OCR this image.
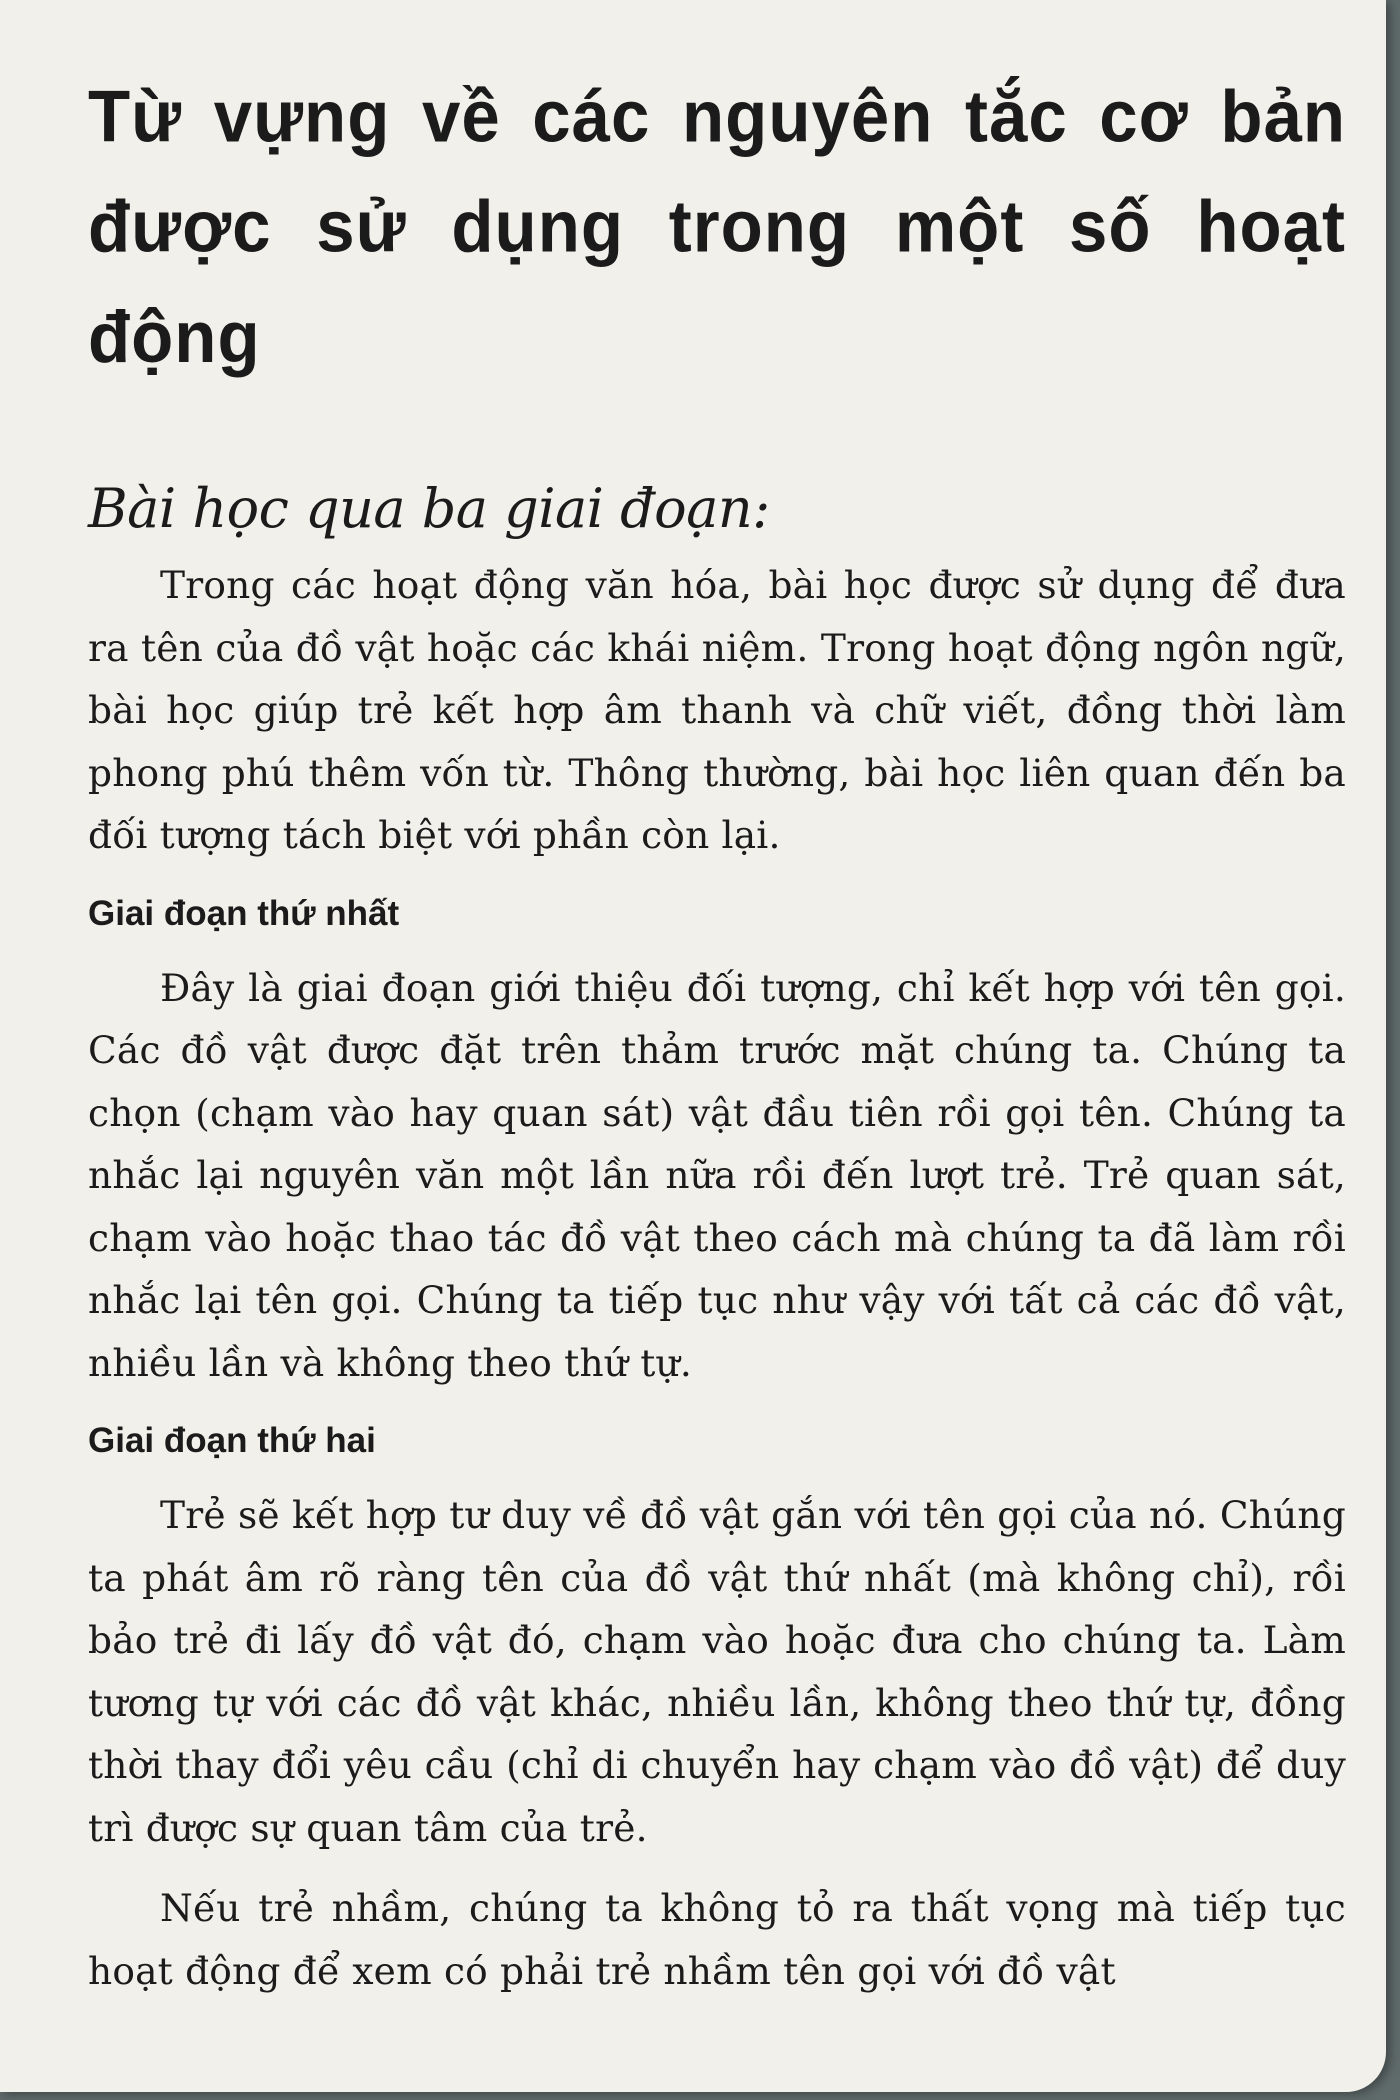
Từ vựng về các nguyên tắc cơ bản
được sử dụng trong một số hoạt động
Bài học qua ba giai đoạn:

Trong các hoạt động văn hóa, bài học được sử dụng để đưa ra tên của đồ vật hoặc các khái niệm. Trong hoạt động ngôn ngữ, bài học giúp trẻ kết hợp âm thanh và chữ viết, đồng thời làm phong phú thêm vốn từ. Thông thường, bài học liên quan đến ba đối tượng tách biệt với phần còn lại.

Giai đoạn thứ nhất

Đây là giai đoạn giới thiệu đối tượng, chỉ kết hợp với tên gọi. Các đồ vật được đặt trên thảm trước mặt chúng ta. Chúng ta chọn (chạm vào hay quan sát) vật đầu tiên rồi gọi tên. Chúng ta nhắc lại nguyên văn một lần nữa rồi đến lượt trẻ. Trẻ quan sát, chạm vào hoặc thao tác đồ vật theo cách mà chúng ta đã làm rồi nhắc lại tên gọi. Chúng ta tiếp tục như vậy với tất cả các đồ vật, nhiều lần và không theo thứ tự.

Giai đoạn thứ hai

Trẻ sẽ kết hợp tư duy về đồ vật gắn với tên gọi của nó. Chúng ta phát âm rõ ràng tên của đồ vật thứ nhất (mà không chỉ), rồi bảo trẻ đi lấy đồ vật đó, chạm vào hoặc đưa cho chúng ta. Làm tương tự với các đồ vật khác, nhiều lần, không theo thứ tự, đồng thời thay đổi yêu cầu (chỉ di chuyển hay chạm vào đồ vật) để duy trì được sự quan tâm của trẻ.

Nếu trẻ nhầm, chúng ta không tỏ ra thất vọng mà tiếp tục hoạt động để xem có phải trẻ nhầm tên gọi với đồ vật
